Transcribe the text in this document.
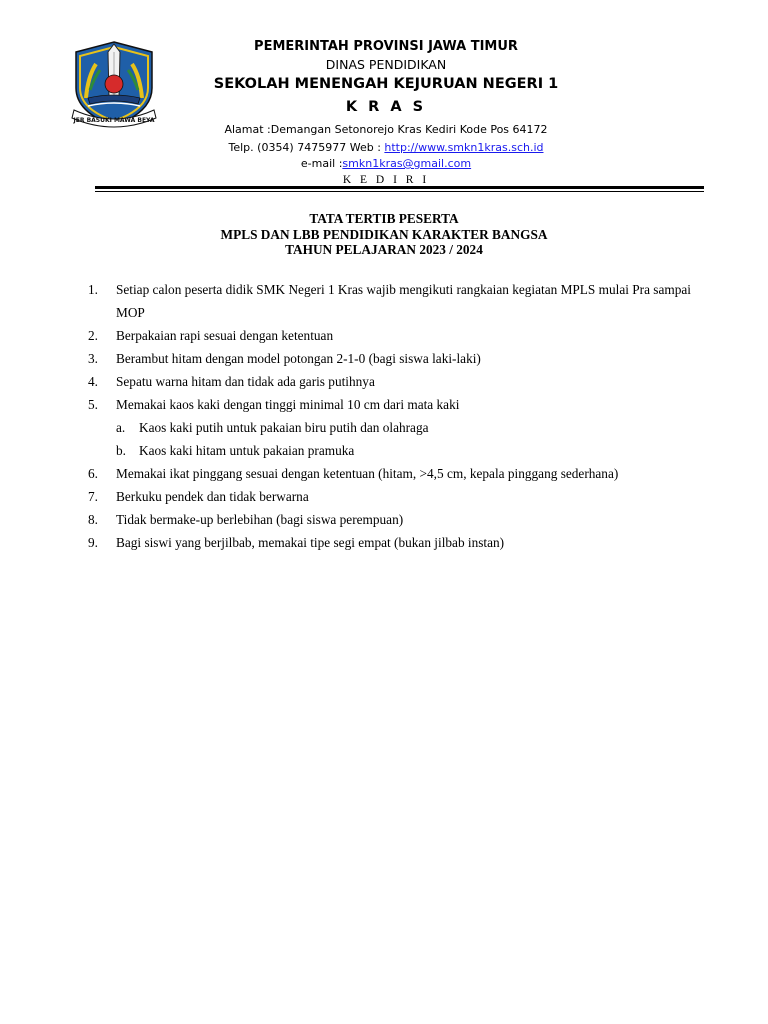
JER BASUKI MAWA BEYA
PEMERINTAH PROVINSI JAWA TIMUR
DINAS PENDIDIKAN
SEKOLAH MENENGAH KEJURUAN NEGERI 1
K R A S
Alamat :Demangan Setonorejo Kras Kediri Kode Pos 64172
Telp. (0354) 7475977 Web : http://www.smkn1kras.sch.id
e-mail :smkn1kras@gmail.com
K E D I R I
TATA TERTIB PESERTA
MPLS DAN LBB PENDIDIKAN KARAKTER BANGSA
TAHUN PELAJARAN 2023 / 2024
1.	Setiap calon peserta didik SMK Negeri 1 Kras wajib mengikuti rangkaian kegiatan MPLS mulai Pra sampai MOP
2.	Berpakaian rapi sesuai dengan ketentuan
3.	Berambut hitam dengan model potongan 2-1-0 (bagi siswa laki-laki)
4.	Sepatu warna hitam dan tidak ada garis putihnya
5.	Memakai kaos kaki dengan tinggi minimal 10 cm dari mata kaki
a.	Kaos kaki putih untuk pakaian biru putih dan olahraga
b. Kaos kaki hitam untuk pakaian pramuka
6.	Memakai ikat pinggang sesuai dengan ketentuan (hitam, >4,5 cm, kepala pinggang sederhana)
7.	Berkuku pendek dan tidak berwarna
8.	Tidak bermake-up berlebihan (bagi siswa perempuan)
9.	Bagi siswi yang berjilbab, memakai tipe segi empat (bukan jilbab instan)
